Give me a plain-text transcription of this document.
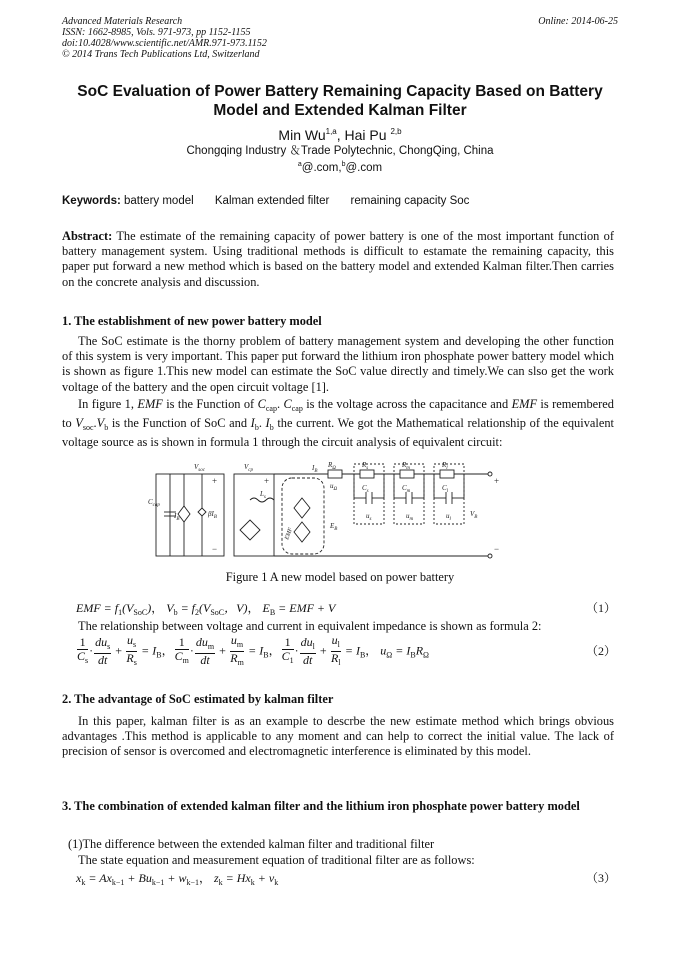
Advanced Materials Research
ISSN: 1662-8985, Vols. 971-973, pp 1152-1155
doi:10.4028/www.scientific.net/AMR.971-973.1152
© 2014 Trans Tech Publications Ltd, Switzerland
Online: 2014-06-25
SoC Evaluation of Power Battery Remaining Capacity Based on Battery
Model and Extended Kalman Filter
Min Wu$^{1,a}$, Hai Pu $^{2,b}$
Chongqing Industry ＆Trade Polytechnic, ChongQing, China
$^a$@.com,$^b$@.com
Keywords: battery model Kalman extended filter remaining capacity Soc
Abstract: The estimate of the remaining capacity of power battery is one of the most important function of battery management system. Using traditional methods is difficult to estamate the remaining capacity, this paper put forward a new method which is based on the battery model and extended Kalman filter.Then carries on the concrete analysis and discussion.
1. The establishment of new power battery model
The SoC estimate is the thorny problem of battery management system and developing the other function of this system is very important. This paper put forward the lithium iron phosphate power battery model which is shown as figure 1.This new model can estimate the SoC value directly and timely.We can slso get the work voltage of the battery and the open circuit voltage [1].
In figure 1, EMF is the Function of $C_{cap}$. $C_{cap}$ is the voltage across the capacitance and EMF is remembered to $V_{soc}.V_b$ is the Function of SoC and $I_b$. $I_b$ the current. We got the Mathematical relationship of the equivalent voltage source as is shown in formula 1 through the circuit analysis of equivalent circuit:
$V_{soc}$	$V_{cp}$
$C_{cap}$
$I_B$
$\beta I_B$
$L_s$
$I_B$
$R_\Omega$
$u_\Omega$
$R_s$	$R_m$	$R_l$
$C_s$	$C_m$	$C_l$
$u_s$	$u_m$	$u_l$
$E_B$
EMF
$V_B$
+
−
+	+
−
Figure 1 A new model based on power battery
EMF = $f_1(V_{SoC})$， $V_b = f_2(V_{SoC}$，V)， $E_B$ = EMF + V	（1）
The relationship between voltage and current in equivalent impedance is shown as formula 2:
$\frac{1}{C_s} \cdot \frac{du_s}{dt} + \frac{u_s}{R_s} = I_B$， $\frac{1}{C_m} \cdot \frac{du_m}{dt} + \frac{u_m}{R_m} = I_B$， $\frac{1}{C_1} \cdot \frac{du_l}{dt} + \frac{u_l}{R_l} = I_B$， $u_\Omega = I_BR_\Omega$	（2）
2. The advantage of SoC estimated by kalman filter
In this paper, kalman filter is as an example to descrbe the new estimate method which brings obvious advantages .This method is applicable to any moment and can help to correct the initial value. The lack of precision of sensor is overcomed and electromagnetic interference is eliminated by this model.
3. The combination of extended kalman filter and the lithium iron phosphate power battery model
(1)The difference between the extended kalman filter and traditional filter
The state equation and measurement equation of traditional filter are as follows:
$x_k = Ax_{k-1} + Bu_{k-1} + w_{k-1}$， $z_k = Hx_k + v_k$	（3）
